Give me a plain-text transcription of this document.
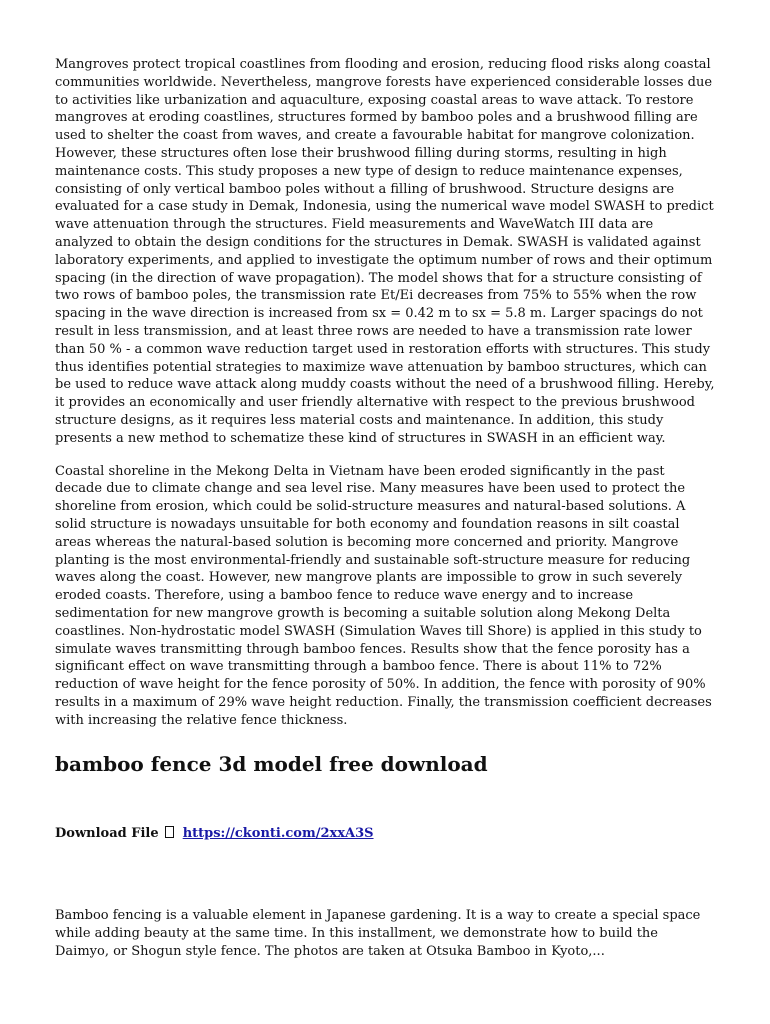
Mangroves protect tropical coastlines from flooding and erosion, reducing flood risks along coastal communities worldwide. Nevertheless, mangrove forests have experienced considerable losses due to activities like urbanization and aquaculture, exposing coastal areas to wave attack. To restore mangroves at eroding coastlines, structures formed by bamboo poles and a brushwood filling are used to shelter the coast from waves, and create a favourable habitat for mangrove colonization. However, these structures often lose their brushwood filling during storms, resulting in high maintenance costs. This study proposes a new type of design to reduce maintenance expenses, consisting of only vertical bamboo poles without a filling of brushwood. Structure designs are evaluated for a case study in Demak, Indonesia, using the numerical wave model SWASH to predict wave attenuation through the structures. Field measurements and WaveWatch III data are analyzed to obtain the design conditions for the structures in Demak. SWASH is validated against laboratory experiments, and applied to investigate the optimum number of rows and their optimum spacing (in the direction of wave propagation). The model shows that for a structure consisting of two rows of bamboo poles, the transmission rate Et/Ei decreases from 75% to 55% when the row spacing in the wave direction is increased from sx = 0.42 m to sx = 5.8 m. Larger spacings do not result in less transmission, and at least three rows are needed to have a transmission rate lower than 50 % - a common wave reduction target used in restoration efforts with structures. This study thus identifies potential strategies to maximize wave attenuation by bamboo structures, which can be used to reduce wave attack along muddy coasts without the need of a brushwood filling. Hereby, it provides an economically and user friendly alternative with respect to the previous brushwood structure designs, as it requires less material costs and maintenance. In addition, this study presents a new method to schematize these kind of structures in SWASH in an efficient way.

Coastal shoreline in the Mekong Delta in Vietnam have been eroded significantly in the past decade due to climate change and sea level rise. Many measures have been used to protect the shoreline from erosion, which could be solid-structure measures and natural-based solutions. A solid structure is nowadays unsuitable for both economy and foundation reasons in silt coastal areas whereas the natural-based solution is becoming more concerned and priority. Mangrove planting is the most environmental-friendly and sustainable soft-structure measure for reducing waves along the coast. However, new mangrove plants are impossible to grow in such severely eroded coasts. Therefore, using a bamboo fence to reduce wave energy and to increase sedimentation for new mangrove growth is becoming a suitable solution along Mekong Delta coastlines. Non-hydrostatic model SWASH (Simulation Waves till Shore) is applied in this study to simulate waves transmitting through bamboo fences. Results show that the fence porosity has a significant effect on wave transmitting through a bamboo fence. There is about 11% to 72% reduction of wave height for the fence porosity of 50%. In addition, the fence with porosity of 90% results in a maximum of 29% wave height reduction. Finally, the transmission coefficient decreases with increasing the relative fence thickness.

bamboo fence 3d model free download
Download File https://ckonti.com/2xxA3S

Bamboo fencing is a valuable element in Japanese gardening. It is a way to create a special space while adding beauty at the same time. In this installment, we demonstrate how to build the Daimyo, or Shogun style fence. The photos are taken at Otsuka Bamboo in Kyoto,...
